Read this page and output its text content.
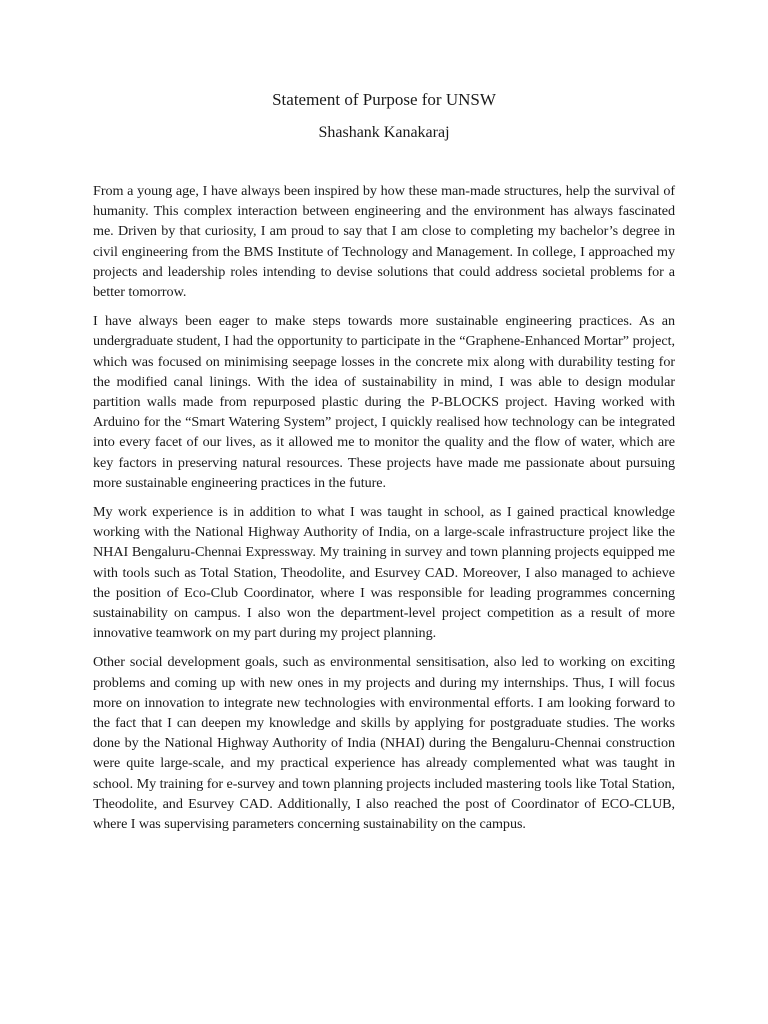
Statement of Purpose for UNSW
Shashank Kanakaraj

From a young age, I have always been inspired by how these man-made structures, help the survival of humanity. This complex interaction between engineering and the environment has always fascinated me. Driven by that curiosity, I am proud to say that I am close to completing my bachelor’s degree in civil engineering from the BMS Institute of Technology and Management. In college, I approached my projects and leadership roles intending to devise solutions that could address societal problems for a better tomorrow.

I have always been eager to make steps towards more sustainable engineering practices. As an undergraduate student, I had the opportunity to participate in the “Graphene-Enhanced Mortar” project, which was focused on minimising seepage losses in the concrete mix along with durability testing for the modified canal linings. With the idea of sustainability in mind, I was able to design modular partition walls made from repurposed plastic during the P-BLOCKS project. Having worked with Arduino for the “Smart Watering System” project, I quickly realised how technology can be integrated into every facet of our lives, as it allowed me to monitor the quality and the flow of water, which are key factors in preserving natural resources. These projects have made me passionate about pursuing more sustainable engineering practices in the future.

My work experience is in addition to what I was taught in school, as I gained practical knowledge working with the National Highway Authority of India, on a large-scale infrastructure project like the NHAI Bengaluru-Chennai Expressway. My training in survey and town planning projects equipped me with tools such as Total Station, Theodolite, and Esurvey CAD. Moreover, I also managed to achieve the position of Eco-Club Coordinator, where I was responsible for leading programmes concerning sustainability on campus. I also won the department-level project competition as a result of more innovative teamwork on my part during my project planning.

Other social development goals, such as environmental sensitisation, also led to working on exciting problems and coming up with new ones in my projects and during my internships. Thus, I will focus more on innovation to integrate new technologies with environmental efforts. I am looking forward to the fact that I can deepen my knowledge and skills by applying for postgraduate studies. The works done by the National Highway Authority of India (NHAI) during the Bengaluru-Chennai construction were quite large-scale, and my practical experience has already complemented what was taught in school. My training for e-survey and town planning projects included mastering tools like Total Station, Theodolite, and Esurvey CAD. Additionally, I also reached the post of Coordinator of ECO-CLUB, where I was supervising parameters concerning sustainability on the campus.
